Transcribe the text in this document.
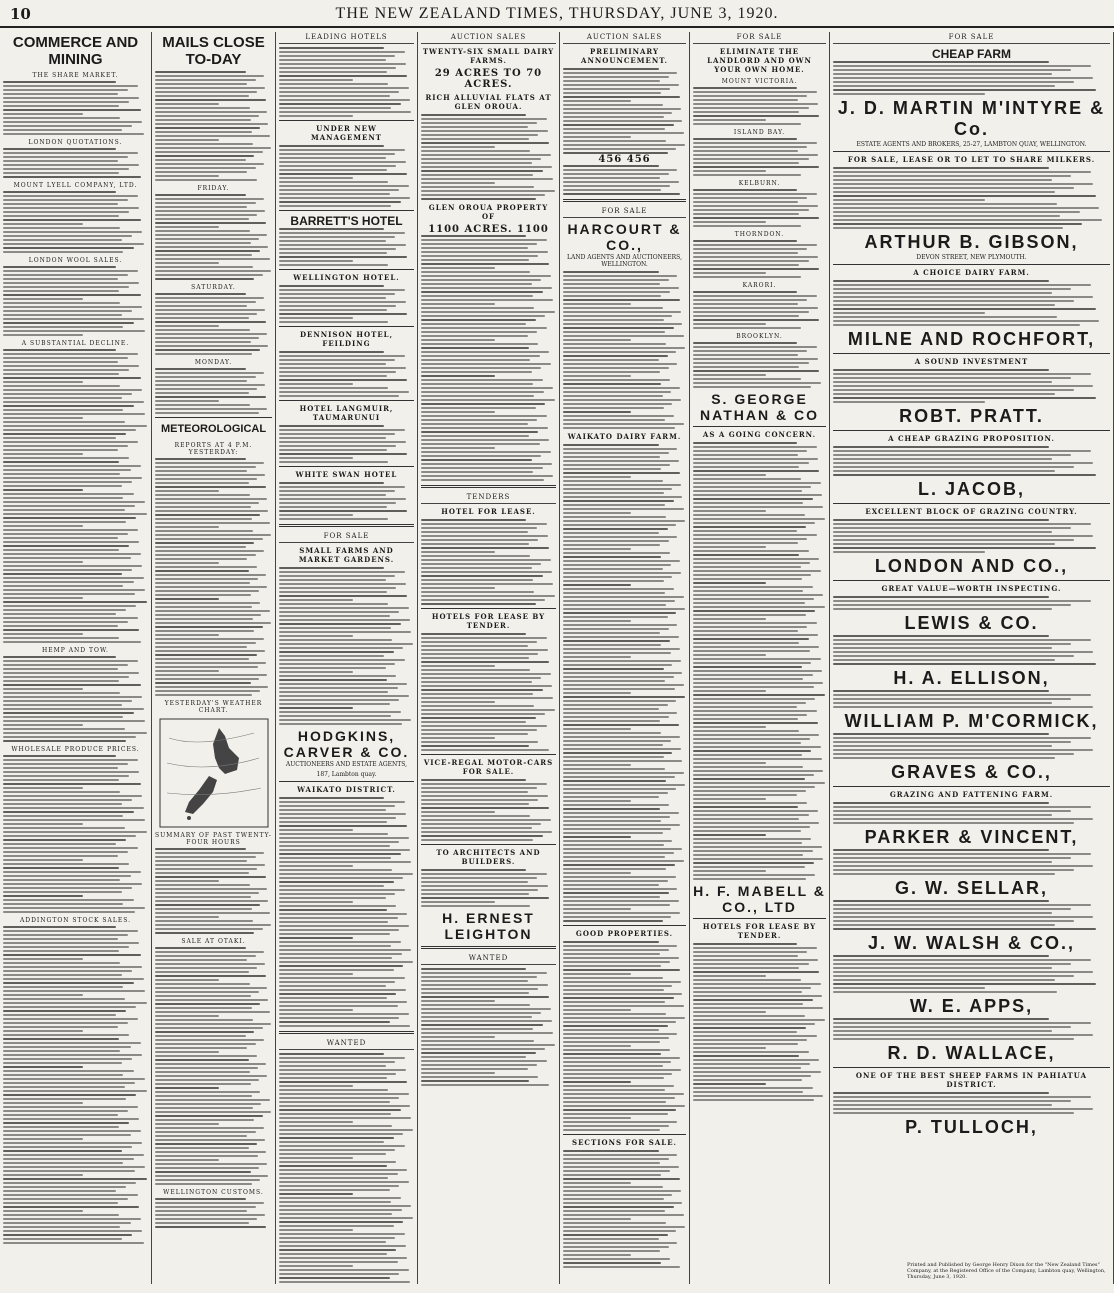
10	THE NEW ZEALAND TIMES, THURSDAY, JUNE 3, 1920.
COMMERCE AND MINING
THE SHARE MARKET.
LONDON QUOTATIONS.
MOUNT LYELL COMPANY, LTD.
LONDON WOOL SALES.
A SUBSTANTIAL DECLINE.
HEMP AND TOW.
WHOLESALE PRODUCE PRICES.
ADDINGTON STOCK SALES.
MAILS CLOSE TO-DAY
FRIDAY.
SATURDAY.
MONDAY.
METEOROLOGICAL
REPORTS AT 4 P.M. YESTERDAY:
YESTERDAY'S WEATHER CHART.
SUMMARY OF PAST TWENTY-FOUR HOURS
SALE AT OTAKI.
WELLINGTON CUSTOMS.
LEADING HOTELS
UNDER NEW MANAGEMENT
BARRETT'S HOTEL
WELLINGTON HOTEL.
DENNISON HOTEL, FEILDING
HOTEL LANGMUIR, TAUMARUNUI
WHITE SWAN HOTEL
FOR SALE
SMALL FARMS AND MARKET GARDENS.
HODGKINS, CARVER & CO.
AUCTIONEERS AND ESTATE AGENTS,
187, Lambton quay.
WAIKATO DISTRICT.
WANTED
AUCTION SALES
TWENTY-SIX SMALL DAIRY FARMS.
29 ACRES TO 70 ACRES.
RICH ALLUVIAL FLATS AT GLEN OROUA.
GLEN OROUA PROPERTY OF
1100 ACRES. 1100
TENDERS
HOTEL FOR LEASE.
HOTELS FOR LEASE BY TENDER.
VICE-REGAL MOTOR-CARS FOR SALE.
TO ARCHITECTS AND BUILDERS.
H. ERNEST LEIGHTON
WANTED
AUCTION SALES
PRELIMINARY ANNOUNCEMENT.
456 456
FOR SALE
HARCOURT & CO.,
LAND AGENTS AND AUCTIONEERS, WELLINGTON.
WAIKATO DAIRY FARM.
GOOD PROPERTIES.
SECTIONS FOR SALE.
FOR SALE
ELIMINATE THE LANDLORD AND OWN YOUR OWN HOME.
MOUNT VICTORIA.
ISLAND BAY.
KELBURN.
THORNDON.
KARORI.
BROOKLYN.
S. GEORGE NATHAN & CO
AS A GOING CONCERN.
H. F. MABELL & CO., LTD
HOTELS FOR LEASE BY TENDER.
FOR SALE
CHEAP FARM
J. D. MARTIN M'INTYRE & Co.
ESTATE AGENTS AND BROKERS, 25-27, LAMBTON QUAY, WELLINGTON.
FOR SALE, LEASE OR TO LET TO SHARE MILKERS.
ARTHUR B. GIBSON,
DEVON STREET, NEW PLYMOUTH.
A CHOICE DAIRY FARM.
MILNE AND ROCHFORT,
A SOUND INVESTMENT
ROBT. PRATT.
A CHEAP GRAZING PROPOSITION.
L. JACOB,
EXCELLENT BLOCK OF GRAZING COUNTRY.
LONDON AND CO.,
GREAT VALUE—WORTH INSPECTING.
LEWIS & CO.
H. A. ELLISON,
WILLIAM P. M'CORMICK,
GRAVES & CO.,
GRAZING AND FATTENING FARM.
PARKER & VINCENT,
G. W. SELLAR,
J. W. WALSH & CO.,
W. E. APPS,
R. D. WALLACE,
ONE OF THE BEST SHEEP FARMS IN PAHIATUA DISTRICT.
P. TULLOCH,
Printed and Published by George Henry Dixon for the "New Zealand Times" Company, at the Registered Office of the Company, Lambton quay, Wellington, Thursday, June 3, 1920.
